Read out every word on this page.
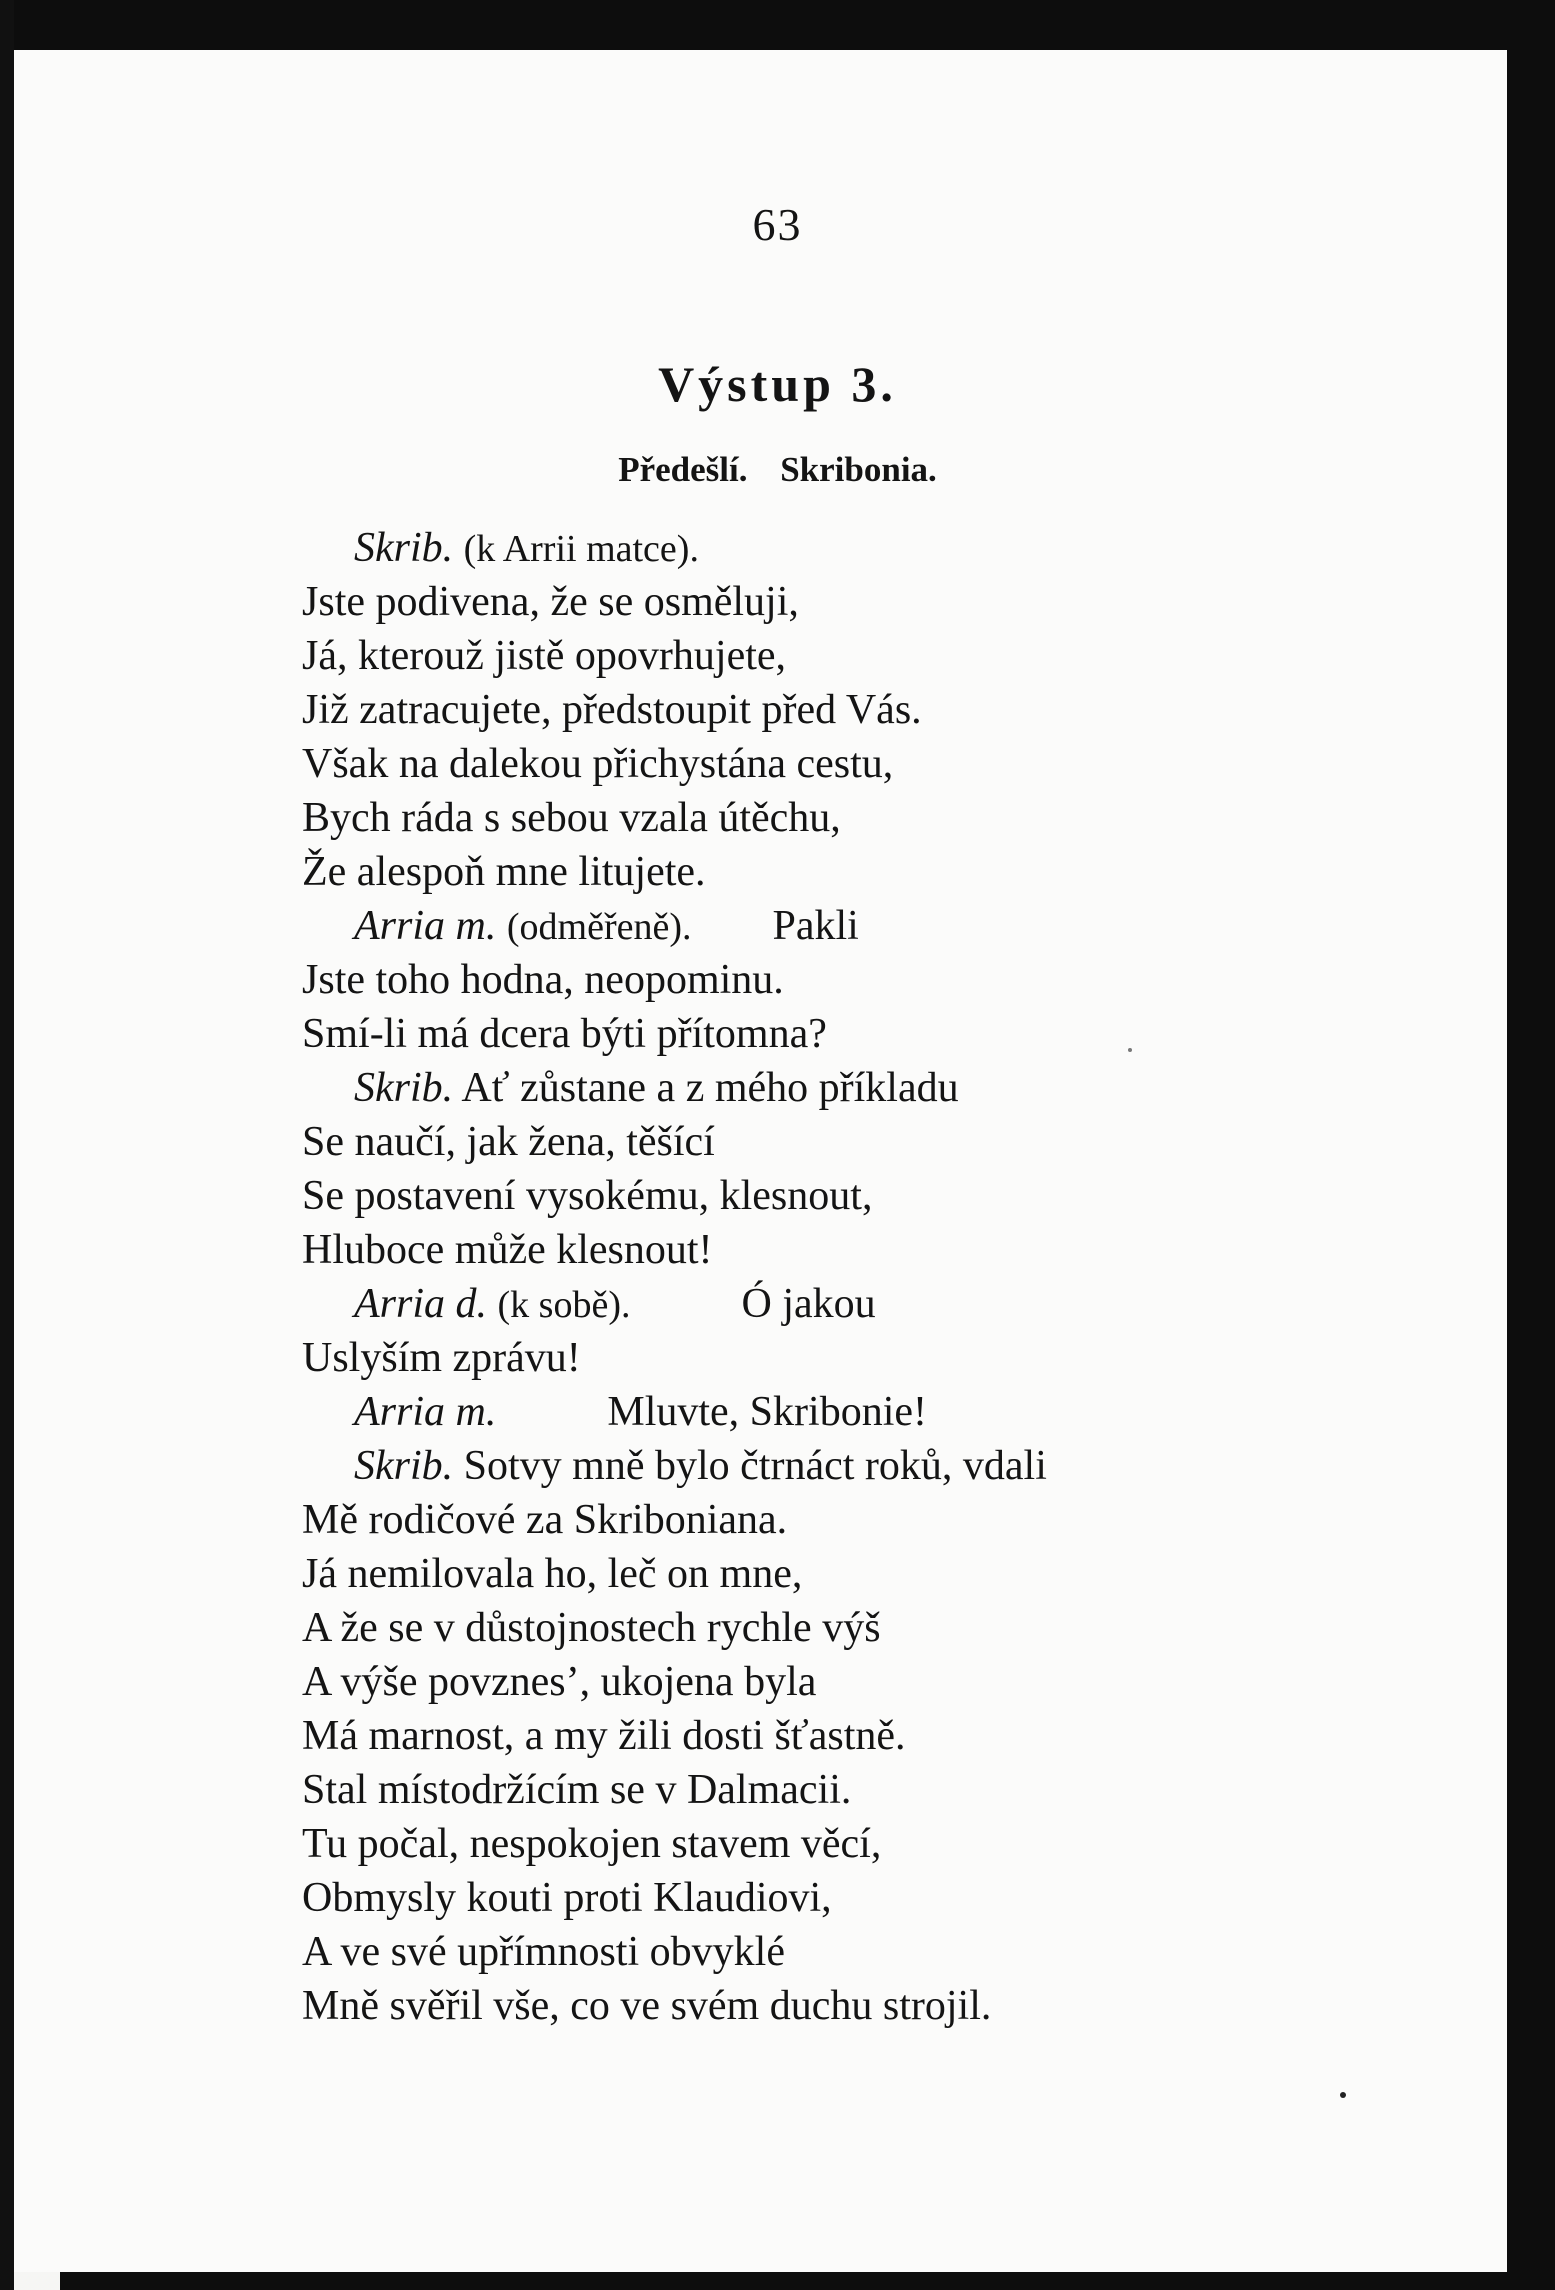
63
Výstup 3.
Předešlí. Skribonia.
Skrib. (k Arrii matce).
Jste podivena, že se osměluji,
Já, kterouž jistě opovrhujete,
Již zatracujete, předstoupit před Vás.
Však na dalekou přichystána cestu,
Bych ráda s sebou vzala útěchu,
Že alespoň mne litujete.
Arria m. (odměřeně). Pakli
Jste toho hodna, neopominu.
Smí-li má dcera býti přítomna?
Skrib. Ať zůstane a z mého příkladu
Se naučí, jak žena, těšící
Se postavení vysokému, klesnout,
Hluboce může klesnout!
Arria d. (k sobě).	Ó jakou
Uslyším zprávu!
Arria m.	Mluvte, Skribonie!
Skrib. Sotvy mně bylo čtrnáct roků, vdali
Mě rodičové za Skriboniana.
Já nemilovala ho, leč on mne,
A že se v důstojnostech rychle výš
A výše povznes’, ukojena byla
Má marnost, a my žili dosti šťastně.
Stal místodržícím se v Dalmacii.
Tu počal, nespokojen stavem věcí,
Obmysly kouti proti Klaudiovi,
A ve své upřímnosti obvyklé
Mně svěřil vše, co ve svém duchu strojil.
